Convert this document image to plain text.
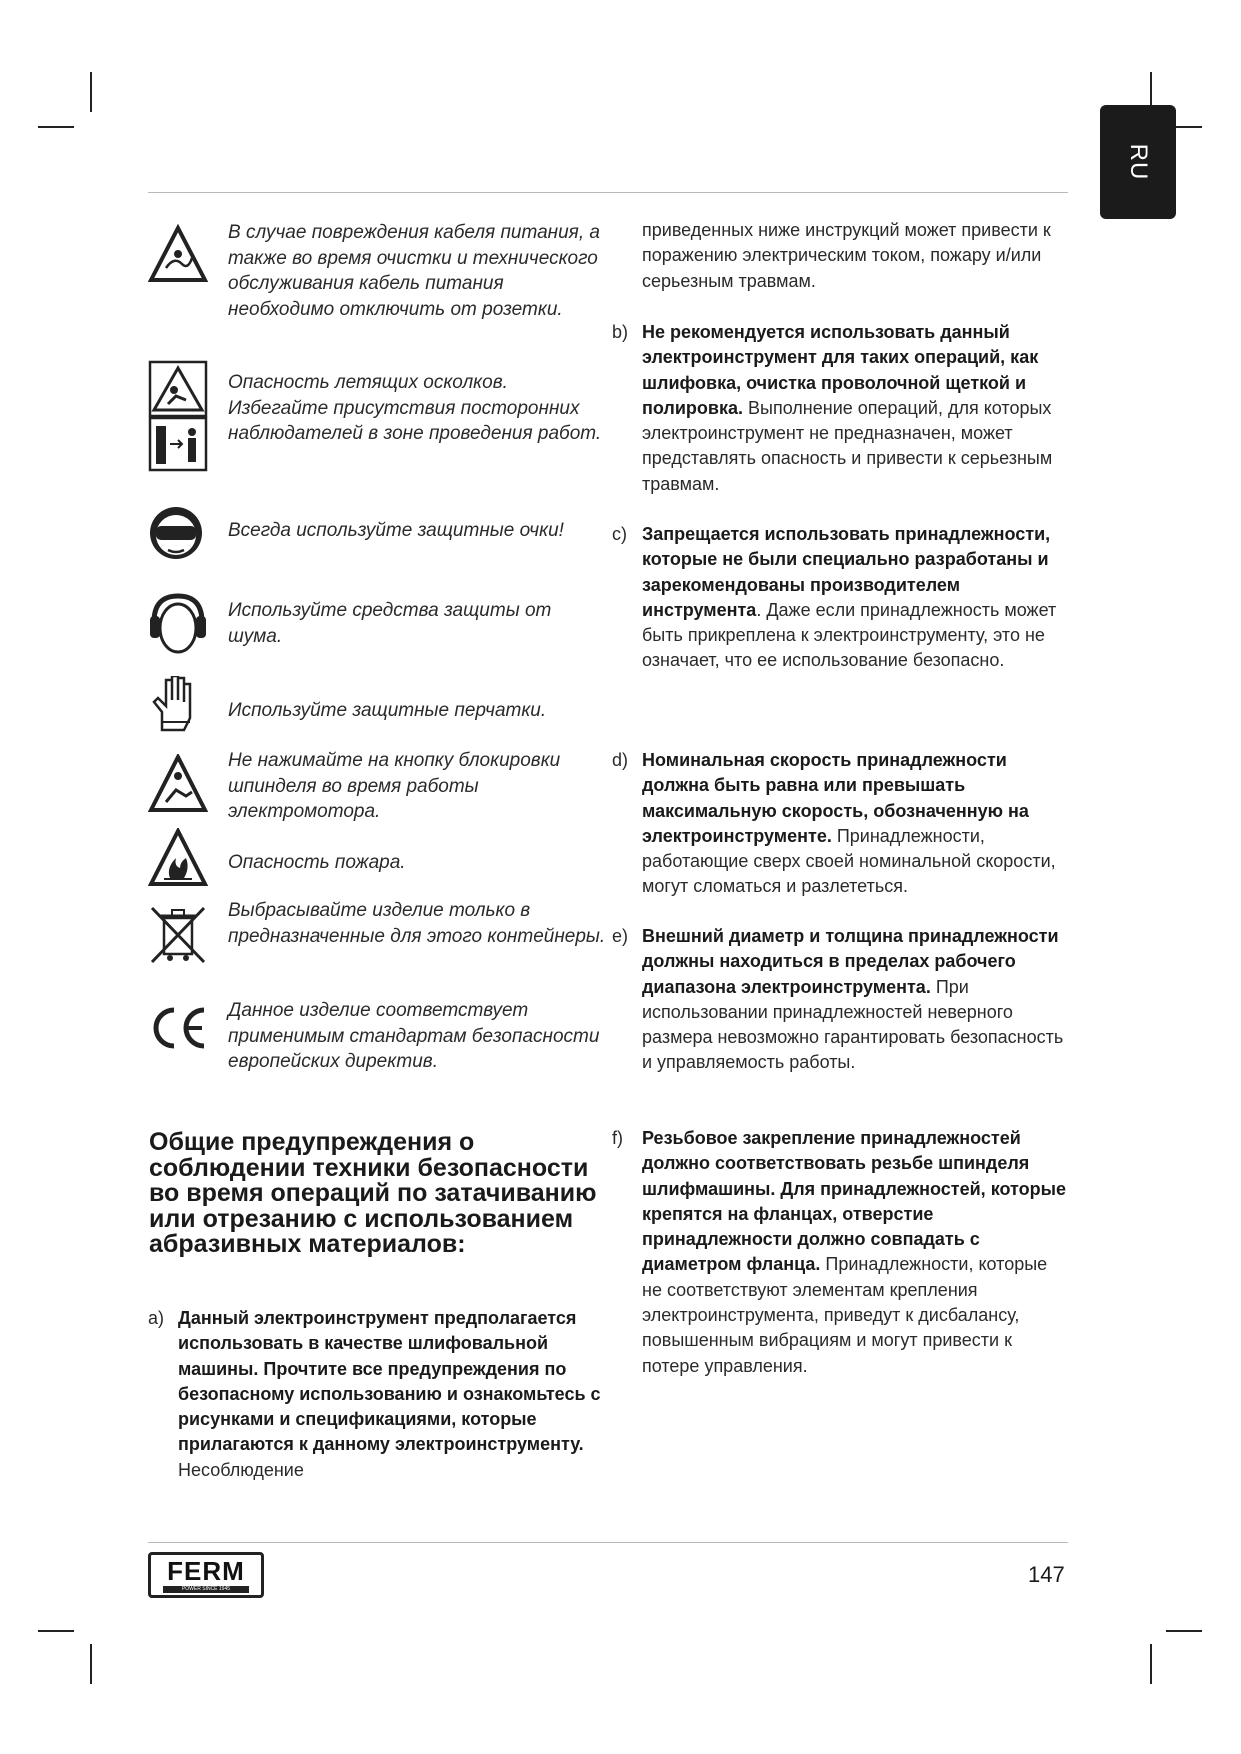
RU
В случае повреждения кабеля питания, а также во время очистки и технического обслуживания кабель питания необходимо отключить от розетки.
Опасность летящих осколков. Избегайте присутствия посторонних наблюдателей в зоне проведения работ.
Всегда используйте защитные очки!
Используйте средства защиты от шума.
Используйте защитные перчатки.
Не нажимайте на кнопку блокировки шпинделя во время работы электромотора.
Опасность пожара.
Выбрасывайте изделие только в предназначенные для этого контейнеры.
Данное изделие соответствует применимым стандартам безопасности европейских директив.
Общие предупреждения о соблюдении техники безопасности во время операций по затачиванию или отрезанию с использованием абразивных материалов:
a) Данный электроинструмент предполагается использовать в качестве шлифовальной машины. Прочтите все предупреждения по безопасному использованию и ознакомьтесь с рисунками и спецификациями, которые прилагаются к данному электроинструменту. Несоблюдение
приведенных ниже инструкций может привести к поражению электрическим током, пожару и/или серьезным травмам.
b) Не рекомендуется использовать данный электроинструмент для таких операций, как шлифовка, очистка проволочной щеткой и полировка. Выполнение операций, для которых электроинструмент не предназначен, может представлять опасность и привести к серьезным травмам.
c) Запрещается использовать принадлежности, которые не были специально разработаны и зарекомендованы производителем инструмента. Даже если принадлежность может быть прикреплена к электроинструменту, это не означает, что ее использование безопасно.
d) Номинальная скорость принадлежности должна быть равна или превышать максимальную скорость, обозначенную на электроинструменте. Принадлежности, работающие сверх своей номинальной скорости, могут сломаться и разлететься.
e) Внешний диаметр и толщина принадлежности должны находиться в пределах рабочего диапазона электроинструмента. При использовании принадлежностей неверного размера невозможно гарантировать безопасность и управляемость работы.
f) Резьбовое закрепление принадлежностей должно соответствовать резьбе шпинделя шлифмашины. Для принадлежностей, которые крепятся на фланцах, отверстие принадлежности должно совпадать с диаметром фланца. Принадлежности, которые не соответствуют элементам крепления электроинструмента, приведут к дисбалансу, повышенным вибрациям и могут привести к потере управления.
FERM
POWER SINCE 1945
147
